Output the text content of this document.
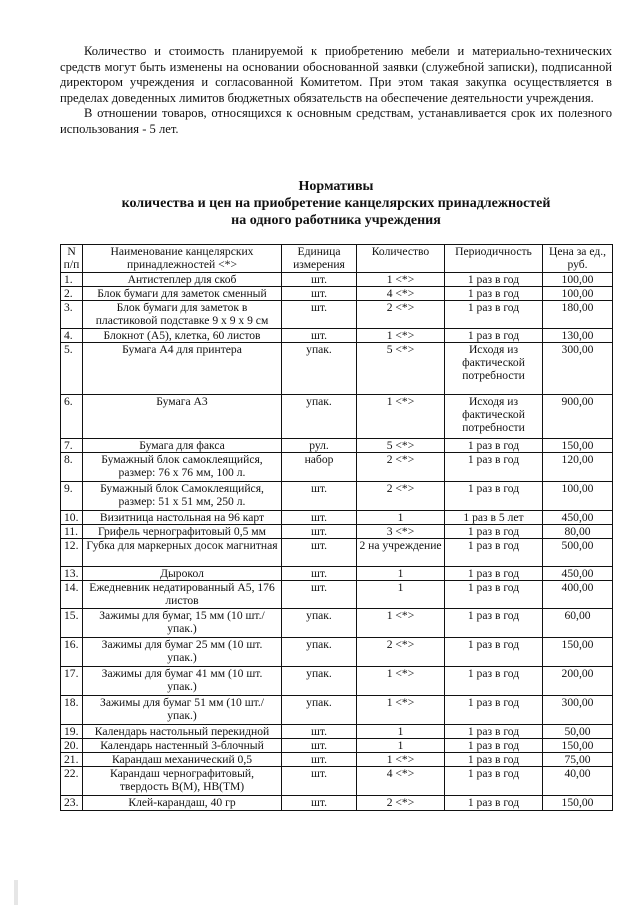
Количество и стоимость планируемой к приобретению мебели и материально-технических средств могут быть изменены на основании обоснованной заявки (служебной записки), подписанной директором учреждения и согласованной Комитетом. При этом такая закупка осуществляется в пределах доведенных лимитов бюджетных обязательств на обеспечение деятельности учреждения.

В отношении товаров, относящихся к основным средствам, устанавливается срок их полезного использования - 5 лет.

Нормативы
количества и цен на приобретение канцелярских принадлежностей
на одного работника учреждения
N п/п	Наименование канцелярских принадлежностей <*>	Единица измерения	Количество	Периодичность	Цена за ед., руб.
1.	Антистеплер для скоб	шт.	1 <*>	1 раз в год	100,00
2.	Блок бумаги для заметок сменный	шт.	4 <*>	1 раз в год	100,00
3.	Блок бумаги для заметок в пластиковой подставке 9 х 9 х 9 см	шт.	2 <*>	1 раз в год	180,00
4.	Блокнот (А5), клетка, 60 листов	шт.	1 <*>	1 раз в год	130,00
5.	Бумага А4 для принтера	упак.	5 <*>	Исходя из фактической потребности	300,00
6.	Бумага А3	упак.	1 <*>	Исходя из фактической потребности	900,00
7.	Бумага для факса	рул.	5 <*>	1 раз в год	150,00
8.	Бумажный блок самоклеящийся, размер: 76 х 76 мм, 100 л.	набор	2 <*>	1 раз в год	120,00
9.	Бумажный блок Самоклеящийся, размер: 51 х 51 мм, 250 л.	шт.	2 <*>	1 раз в год	100,00
10.	Визитница настольная на 96 карт	шт.	1	1 раз в 5 лет	450,00
11.	Грифель чернографитовый 0,5 мм	шт.	3 <*>	1 раз в год	80,00
12.	Губка для маркерных досок магнитная	шт.	2 на учреждение	1 раз в год	500,00
13.	Дырокол	шт.	1	1 раз в год	450,00
14.	Ежедневник недатированный А5, 176 листов	шт.	1	1 раз в год	400,00
15.	Зажимы для бумаг, 15 мм (10 шт./упак.)	упак.	1 <*>	1 раз в год	60,00
16.	Зажимы для бумаг 25 мм (10 шт. упак.)	упак.	2 <*>	1 раз в год	150,00
17.	Зажимы для бумаг 41 мм (10 шт. упак.)	упак.	1 <*>	1 раз в год	200,00
18.	Зажимы для бумаг 51 мм (10 шт./упак.)	упак.	1 <*>	1 раз в год	300,00
19.	Календарь настольный перекидной	шт.	1	1 раз в год	50,00
20.	Календарь настенный 3-блочный	шт.	1	1 раз в год	150,00
21.	Карандаш механический 0,5	шт.	1 <*>	1 раз в год	75,00
22.	Карандаш чернографитовый, твердость В(М), НВ(ТМ)	шт.	4 <*>	1 раз в год	40,00
23.	Клей-карандаш, 40 гр	шт.	2 <*>	1 раз в год	150,00
